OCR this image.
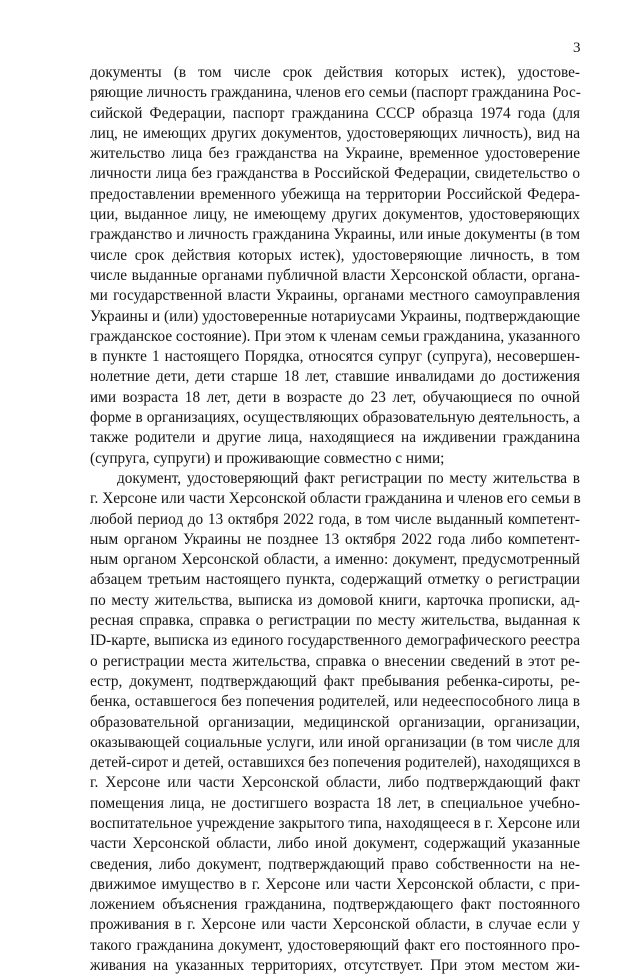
3
документы (в том числе срок действия которых истек), удостове-
ряющие личность гражданина, членов его семьи (паспорт гражданина Рос-
сийской Федерации, паспорт гражданина СССР образца 1974 года (для
лиц, не имеющих других документов, удостоверяющих личность), вид на
жительство лица без гражданства на Украине, временное удостоверение
личности лица без гражданства в Российской Федерации, свидетельство о
предоставлении временного убежища на территории Российской Федера-
ции, выданное лицу, не имеющему других документов, удостоверяющих
гражданство и личность гражданина Украины, или иные документы (в том
числе срок действия которых истек), удостоверяющие личность, в том
числе выданные органами публичной власти Херсонской области, органа-
ми государственной власти Украины, органами местного самоуправления
Украины и (или) удостоверенные нотариусами Украины, подтверждающие
гражданское состояние). При этом к членам семьи гражданина, указанного
в пункте 1 настоящего Порядка, относятся супруг (супруга), несовершен-
нолетние дети, дети старше 18 лет, ставшие инвалидами до достижения
ими возраста 18 лет, дети в возрасте до 23 лет, обучающиеся по очной
форме в организациях, осуществляющих образовательную деятельность, а
также родители и другие лица, находящиеся на иждивении гражданина
(супруга, супруги) и проживающие совместно с ними;
документ, удостоверяющий факт регистрации по месту жительства в
г. Херсоне или части Херсонской области гражданина и членов его семьи в
любой период до 13 октября 2022 года, в том числе выданный компетент-
ным органом Украины не позднее 13 октября 2022 года либо компетент-
ным органом Херсонской области, а именно: документ, предусмотренный
абзацем третьим настоящего пункта, содержащий отметку о регистрации
по месту жительства, выписка из домовой книги, карточка прописки, ад-
ресная справка, справка о регистрации по месту жительства, выданная к
ID-карте, выписка из единого государственного демографического реестра
о регистрации места жительства, справка о внесении сведений в этот ре-
естр, документ, подтверждающий факт пребывания ребенка-сироты, ре-
бенка, оставшегося без попечения родителей, или недееспособного лица в
образовательной организации, медицинской организации, организации,
оказывающей социальные услуги, или иной организации (в том числе для
детей-сирот и детей, оставшихся без попечения родителей), находящихся в
г. Херсоне или части Херсонской области, либо подтверждающий факт
помещения лица, не достигшего возраста 18 лет, в специальное учебно-
воспитательное учреждение закрытого типа, находящееся в г. Херсоне или
части Херсонской области, либо иной документ, содержащий указанные
сведения, либо документ, подтверждающий право собственности на не-
движимое имущество в г. Херсоне или части Херсонской области, с при-
ложением объяснения гражданина, подтверждающего факт постоянного
проживания в г. Херсоне или части Херсонской области, в случае если у
такого гражданина документ, удостоверяющий факт его постоянного про-
живания на указанных территориях, отсутствует. При этом местом жи-
